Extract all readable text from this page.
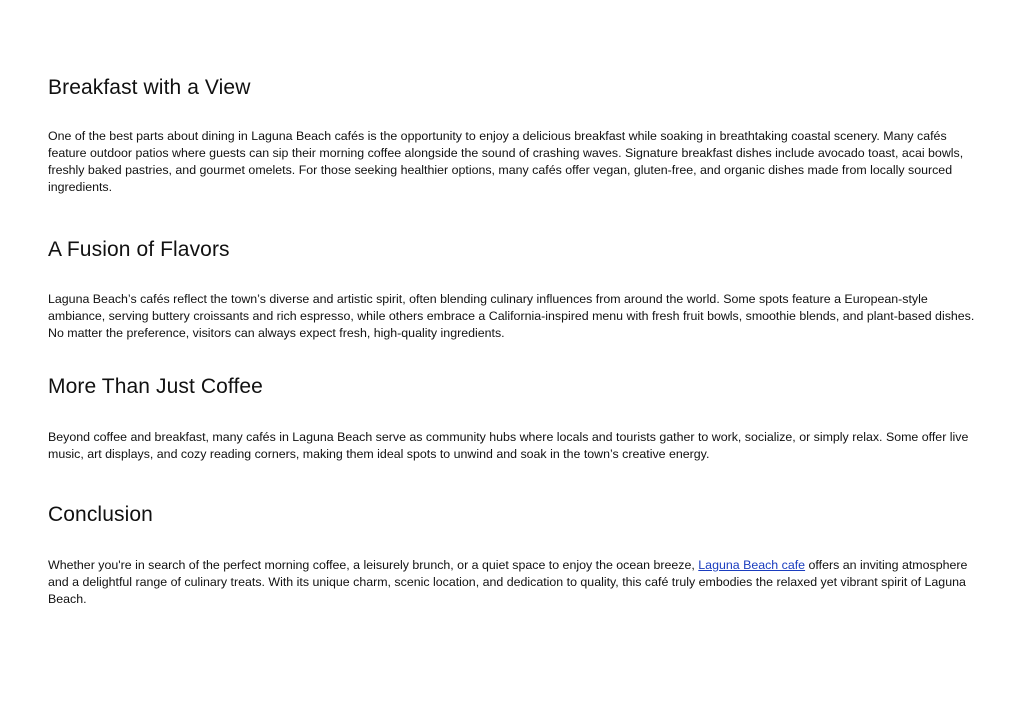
Breakfast with a View

One of the best parts about dining in Laguna Beach cafés is the opportunity to enjoy a delicious breakfast while soaking in breathtaking coastal scenery. Many cafés feature outdoor patios where guests can sip their morning coffee alongside the sound of crashing waves. Signature breakfast dishes include avocado toast, acai bowls, freshly baked pastries, and gourmet omelets. For those seeking healthier options, many cafés offer vegan, gluten-free, and organic dishes made from locally sourced ingredients.

A Fusion of Flavors

Laguna Beach’s cafés reflect the town’s diverse and artistic spirit, often blending culinary influences from around the world. Some spots feature a European-style ambiance, serving buttery croissants and rich espresso, while others embrace a California-inspired menu with fresh fruit bowls, smoothie blends, and plant-based dishes. No matter the preference, visitors can always expect fresh, high-quality ingredients.

More Than Just Coffee

Beyond coffee and breakfast, many cafés in Laguna Beach serve as community hubs where locals and tourists gather to work, socialize, or simply relax. Some offer live music, art displays, and cozy reading corners, making them ideal spots to unwind and soak in the town’s creative energy.

Conclusion

Whether you're in search of the perfect morning coffee, a leisurely brunch, or a quiet space to enjoy the ocean breeze, Laguna Beach cafe offers an inviting atmosphere and a delightful range of culinary treats. With its unique charm, scenic location, and dedication to quality, this café truly embodies the relaxed yet vibrant spirit of Laguna Beach.
